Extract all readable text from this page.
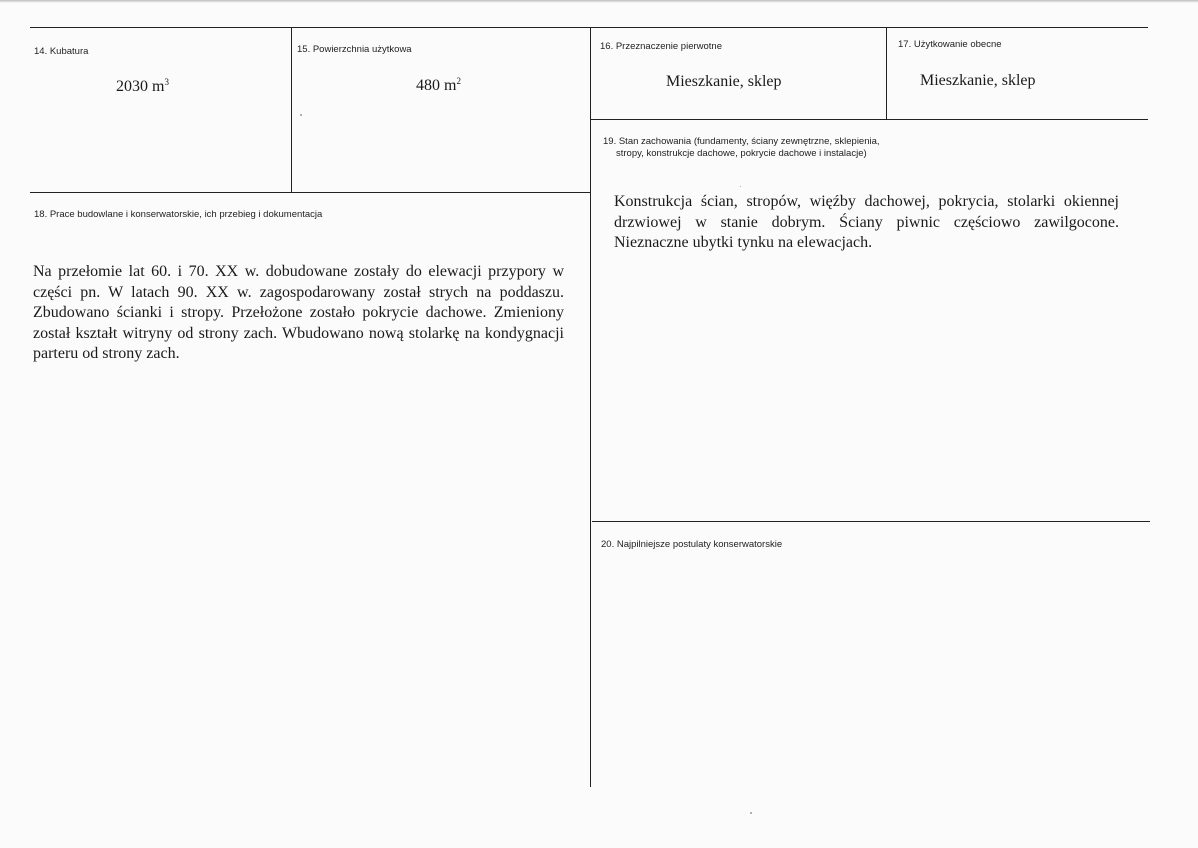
14. Kubatura
2030 $m^3$
15. Powierzchnia użytkowa
480 $m^2$
16. Przeznaczenie pierwotne
Mieszkanie, sklep
17. Użytkowanie obecne
Mieszkanie, sklep
19. Stan zachowania (fundamenty, ściany zewnętrzne, sklepienia,
stropy, konstrukcje dachowe, pokrycie dachowe i instalacje)
Konstrukcja ścian, stropów, więźby dachowej, pokrycia, stolarki okiennej drzwiowej w stanie dobrym. Ściany piwnic częściowo zawilgocone. Nieznaczne ubytki tynku na elewacjach.
18. Prace budowlane i konserwatorskie, ich przebieg i dokumentacja
Na przełomie lat 60. i 70. XX w. dobudowane zostały do elewacji przypory w części pn. W latach 90. XX w. zagospodarowany został strych na poddaszu. Zbudowano ścianki i stropy. Przełożone zostało pokrycie dachowe. Zmieniony został kształt witryny od strony zach. Wbudowano nową stolarkę na kondygnacji parteru od strony zach.
20. Najpilniejsze postulaty konserwatorskie
